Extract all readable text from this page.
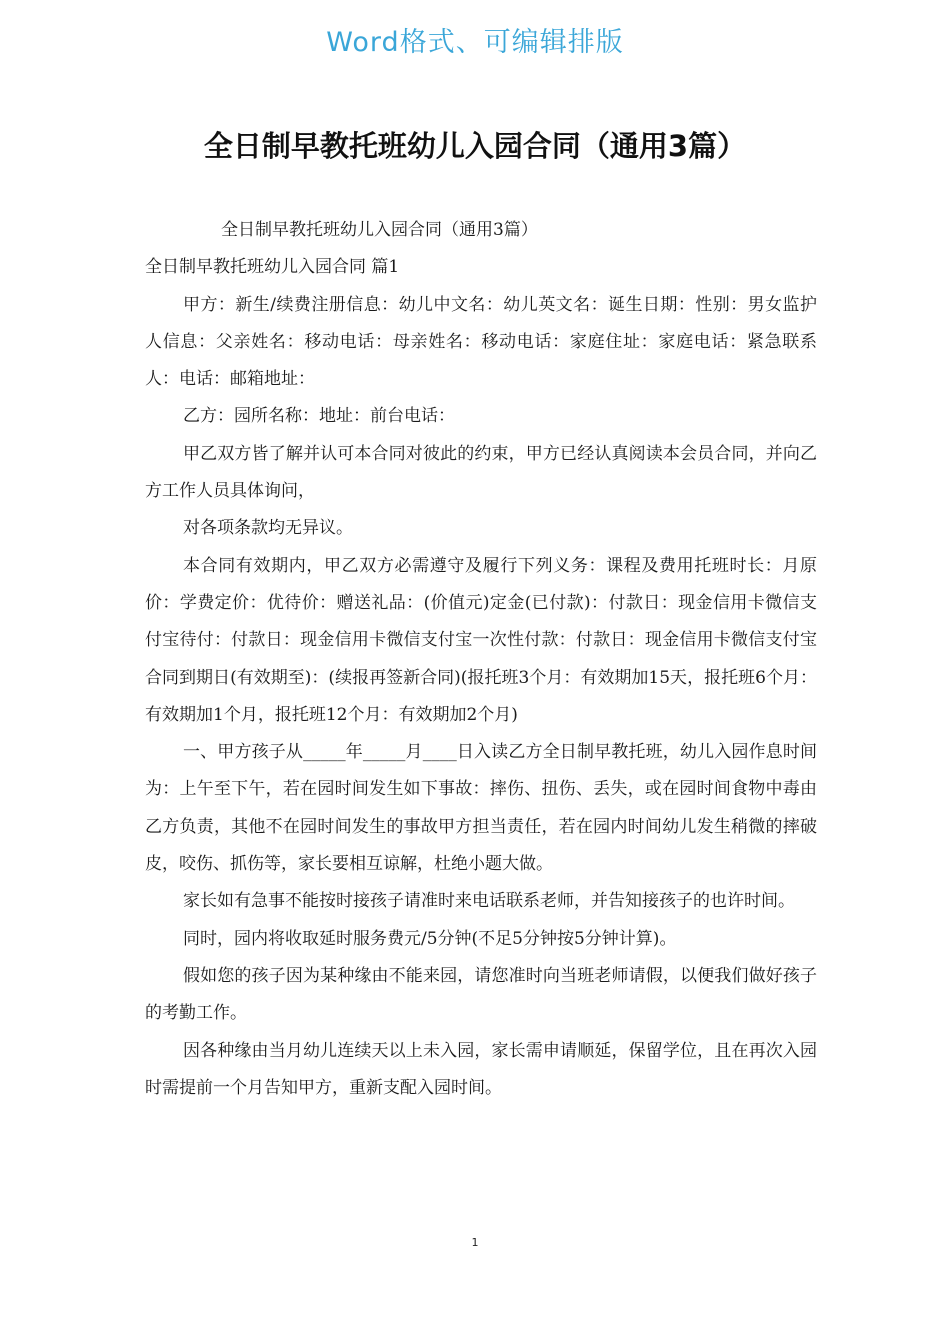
Word格式、可编辑排版
全日制早教托班幼儿入园合同（通用3篇）

全日制早教托班幼儿入园合同（通用3篇）

全日制早教托班幼儿入园合同 篇1

甲方：新生/续费注册信息：幼儿中文名：幼儿英文名：诞生日期：性别：男女监护人信息：父亲姓名：移动电话：母亲姓名：移动电话：家庭住址：家庭电话：紧急联系人：电话：邮箱地址：

乙方：园所名称：地址：前台电话：

甲乙双方皆了解并认可本合同对彼此的约束，甲方已经认真阅读本会员合同，并向乙方工作人员具体询问，

对各项条款均无异议。

本合同有效期内，甲乙双方必需遵守及履行下列义务：课程及费用托班时长：月原价：学费定价：优待价：赠送礼品：(价值元)定金(已付款)：付款日：现金信用卡微信支付宝待付：付款日：现金信用卡微信支付宝一次性付款：付款日：现金信用卡微信支付宝合同到期日(有效期至)：(续报再签新合同)(报托班3个月：有效期加15天，报托班6个月：有效期加1个月，报托班12个月：有效期加2个月)

一、甲方孩子从_____年_____月____日入读乙方全日制早教托班，幼儿入园作息时间为：上午至下午，若在园时间发生如下事故：摔伤、扭伤、丢失，或在园时间食物中毒由乙方负责，其他不在园时间发生的事故甲方担当责任，若在园内时间幼儿发生稍微的摔破皮，咬伤、抓伤等，家长要相互谅解，杜绝小题大做。

家长如有急事不能按时接孩子请准时来电话联系老师，并告知接孩子的也许时间。

同时，园内将收取延时服务费元/5分钟(不足5分钟按5分钟计算)。

假如您的孩子因为某种缘由不能来园，请您准时向当班老师请假，以便我们做好孩子的考勤工作。

因各种缘由当月幼儿连续天以上未入园，家长需申请顺延，保留学位，且在再次入园时需提前一个月告知甲方，重新支配入园时间。

1
